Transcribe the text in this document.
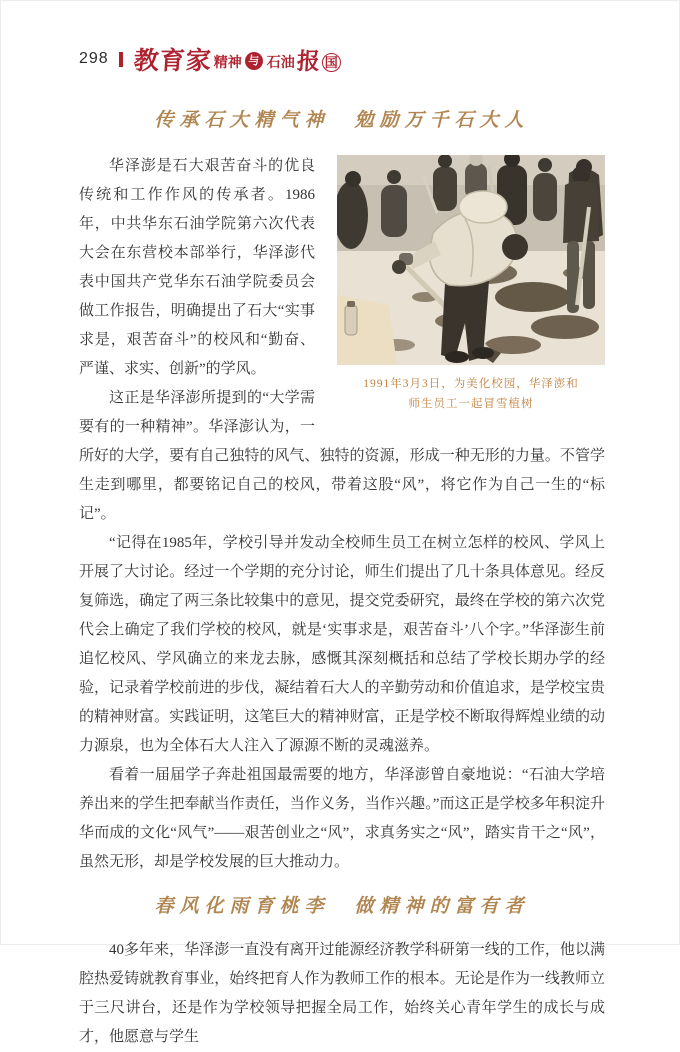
298 教育家 精神 与 石油 报 国
传承石大精气神　勉励万千石大人
1991年3月3日，为美化校园，华泽澎和
师生员工一起冒雪植树

华泽澎是石大艰苦奋斗的优良传统和工作作风的传承者。1986年，中共华东石油学院第六次代表大会在东营校本部举行，华泽澎代表中国共产党华东石油学院委员会做工作报告，明确提出了石大“实事求是，艰苦奋斗”的校风和“勤奋、严谨、求实、创新”的学风。

这正是华泽澎所提到的“大学需要有的一种精神”。华泽澎认为，一所好的大学，要有自己独特的风气、独特的资源，形成一种无形的力量。不管学生走到哪里，都要铭记自己的校风，带着这股“风”，将它作为自己一生的“标记”。

“记得在1985年，学校引导并发动全校师生员工在树立怎样的校风、学风上开展了大讨论。经过一个学期的充分讨论，师生们提出了几十条具体意见。经反复筛选，确定了两三条比较集中的意见，提交党委研究，最终在学校的第六次党代会上确定了我们学校的校风，就是‘实事求是，艰苦奋斗’八个字。”华泽澎生前追忆校风、学风确立的来龙去脉，感慨其深刻概括和总结了学校长期办学的经验，记录着学校前进的步伐，凝结着石大人的辛勤劳动和价值追求，是学校宝贵的精神财富。实践证明，这笔巨大的精神财富，正是学校不断取得辉煌业绩的动力源泉，也为全体石大人注入了源源不断的灵魂滋养。

看着一届届学子奔赴祖国最需要的地方，华泽澎曾自豪地说：“石油大学培养出来的学生把奉献当作责任，当作义务，当作兴趣。”而这正是学校多年积淀升华而成的文化“风气”——艰苦创业之“风”，求真务实之“风”，踏实肯干之“风”，虽然无形，却是学校发展的巨大推动力。

春风化雨育桃李　做精神的富有者

40多年来，华泽澎一直没有离开过能源经济教学科研第一线的工作，他以满腔热爱铸就教育事业，始终把育人作为教师工作的根本。无论是作为一线教师立于三尺讲台，还是作为学校领导把握全局工作，始终关心青年学生的成长与成才，他愿意与学生
